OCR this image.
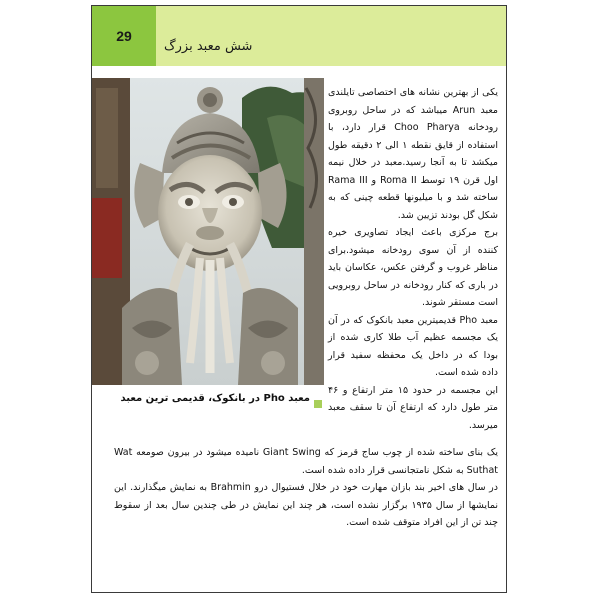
29
شش معبد بزرگ
معبد Pho در بانکوک، قدیمی ترین معبد

یکی از بهترین نشانه های اختصاصی تایلندی معبد Arun میباشد که در ساحل روبروی رودخانه Choo Pharya قرار دارد، با استفاده از قایق نقطه ۱ الی ۲ دقیقه طول میکشد تا به آنجا رسید.معبد در خلال نیمه اول قرن ۱۹ توسط Roma II و Rama III ساخته شد و با میلیونها قطعه چینی که به شکل گل بودند تزیین شد.

برج مرکزی باعث ایجاد تصاویری خیره کننده از آن سوی رودخانه میشود.برای مناظر غروب و گرفتن عکس، عکاسان باید در باری که کنار رودخانه در ساحل روبرویی است مستقر شوند.

معبد Pho قدیمیترین معبد بانکوک که در آن یک مجسمه عظیم آب طلا کاری شده از بودا که در داخل یک محفظه سفید قرار داده شده است.

این مجسمه در حدود ۱۵ متر ارتفاع و ۴۶ متر طول دارد که ارتفاع آن تا سقف معبد میرسد.

یک بنای ساخته شده از چوب ساج قرمز که Giant Swing نامیده میشود در بیرون صومعه Wat Suthat به شکل نامتجانسی قرار داده شده است.

در سال های اخیر بند بازان مهارت خود در خلال فستیوال درو Brahmin به نمایش میگذارند. این نمایشها از سال ۱۹۳۵ برگزار نشده است، هر چند این نمایش در طی چندین سال بعد از سقوط چند تن از این افراد متوقف شده است.
